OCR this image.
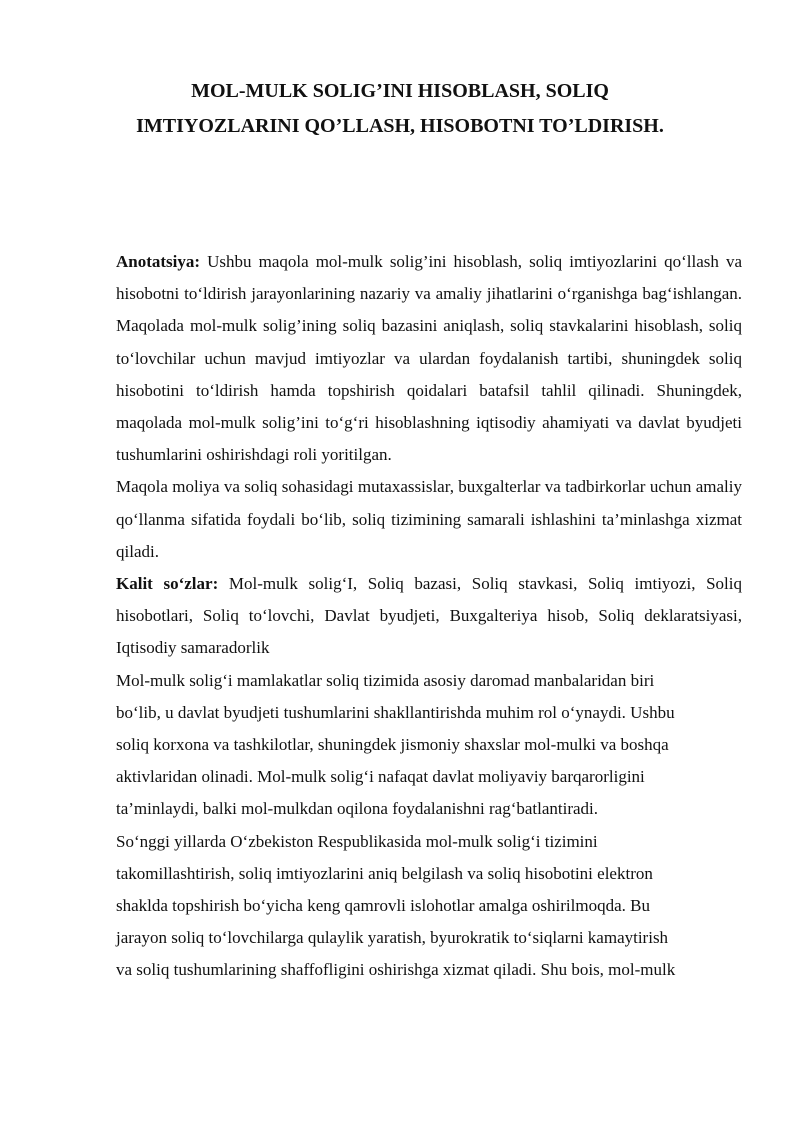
MOL-MULK SOLIG’INI HISOBLASH, SOLIQ
IMTIYOZLARINI QO’LLASH, HISOBOTNI TO’LDIRISH.

Anotatsiya: Ushbu maqola mol-mulk solig’ini hisoblash, soliq imtiyozlarini qo‘llash va hisobotni to‘ldirish jarayonlarining nazariy va amaliy jihatlarini o‘rganishga bag‘ishlangan. Maqolada mol-mulk solig’ining soliq bazasini aniqlash, soliq stavkalarini hisoblash, soliq to‘lovchilar uchun mavjud imtiyozlar va ulardan foydalanish tartibi, shuningdek soliq hisobotini to‘ldirish hamda topshirish qoidalari batafsil tahlil qilinadi. Shuningdek, maqolada mol-mulk solig’ini to‘g‘ri hisoblashning iqtisodiy ahamiyati va davlat byudjeti tushumlarini oshirishdagi roli yoritilgan.

Maqola moliya va soliq sohasidagi mutaxassislar, buxgalterlar va tadbirkorlar uchun amaliy qo‘llanma sifatida foydali bo‘lib, soliq tizimining samarali ishlashini ta’minlashga xizmat qiladi.

Kalit so‘zlar: Mol-mulk solig‘I, Soliq bazasi, Soliq stavkasi, Soliq imtiyozi, Soliq hisobotlari, Soliq to‘lovchi, Davlat byudjeti, Buxgalteriya hisob, Soliq deklaratsiyasi, Iqtisodiy samaradorlik

Mol-mulk solig‘i mamlakatlar soliq tizimida asosiy daromad manbalaridan biri
bo‘lib, u davlat byudjeti tushumlarini shakllantirishda muhim rol o‘ynaydi. Ushbu
soliq korxona va tashkilotlar, shuningdek jismoniy shaxslar mol-mulki va boshqa
aktivlaridan olinadi. Mol-mulk solig‘i nafaqat davlat moliyaviy barqarorligini
ta’minlaydi, balki mol-mulkdan oqilona foydalanishni rag‘batlantiradi.

So‘nggi yillarda O‘zbekiston Respublikasida mol-mulk solig‘i tizimini
takomillashtirish, soliq imtiyozlarini aniq belgilash va soliq hisobotini elektron
shaklda topshirish bo‘yicha keng qamrovli islohotlar amalga oshirilmoqda. Bu
jarayon soliq to‘lovchilarga qulaylik yaratish, byurokratik to‘siqlarni kamaytirish
va soliq tushumlarining shaffofligini oshirishga xizmat qiladi. Shu bois, mol-mulk
